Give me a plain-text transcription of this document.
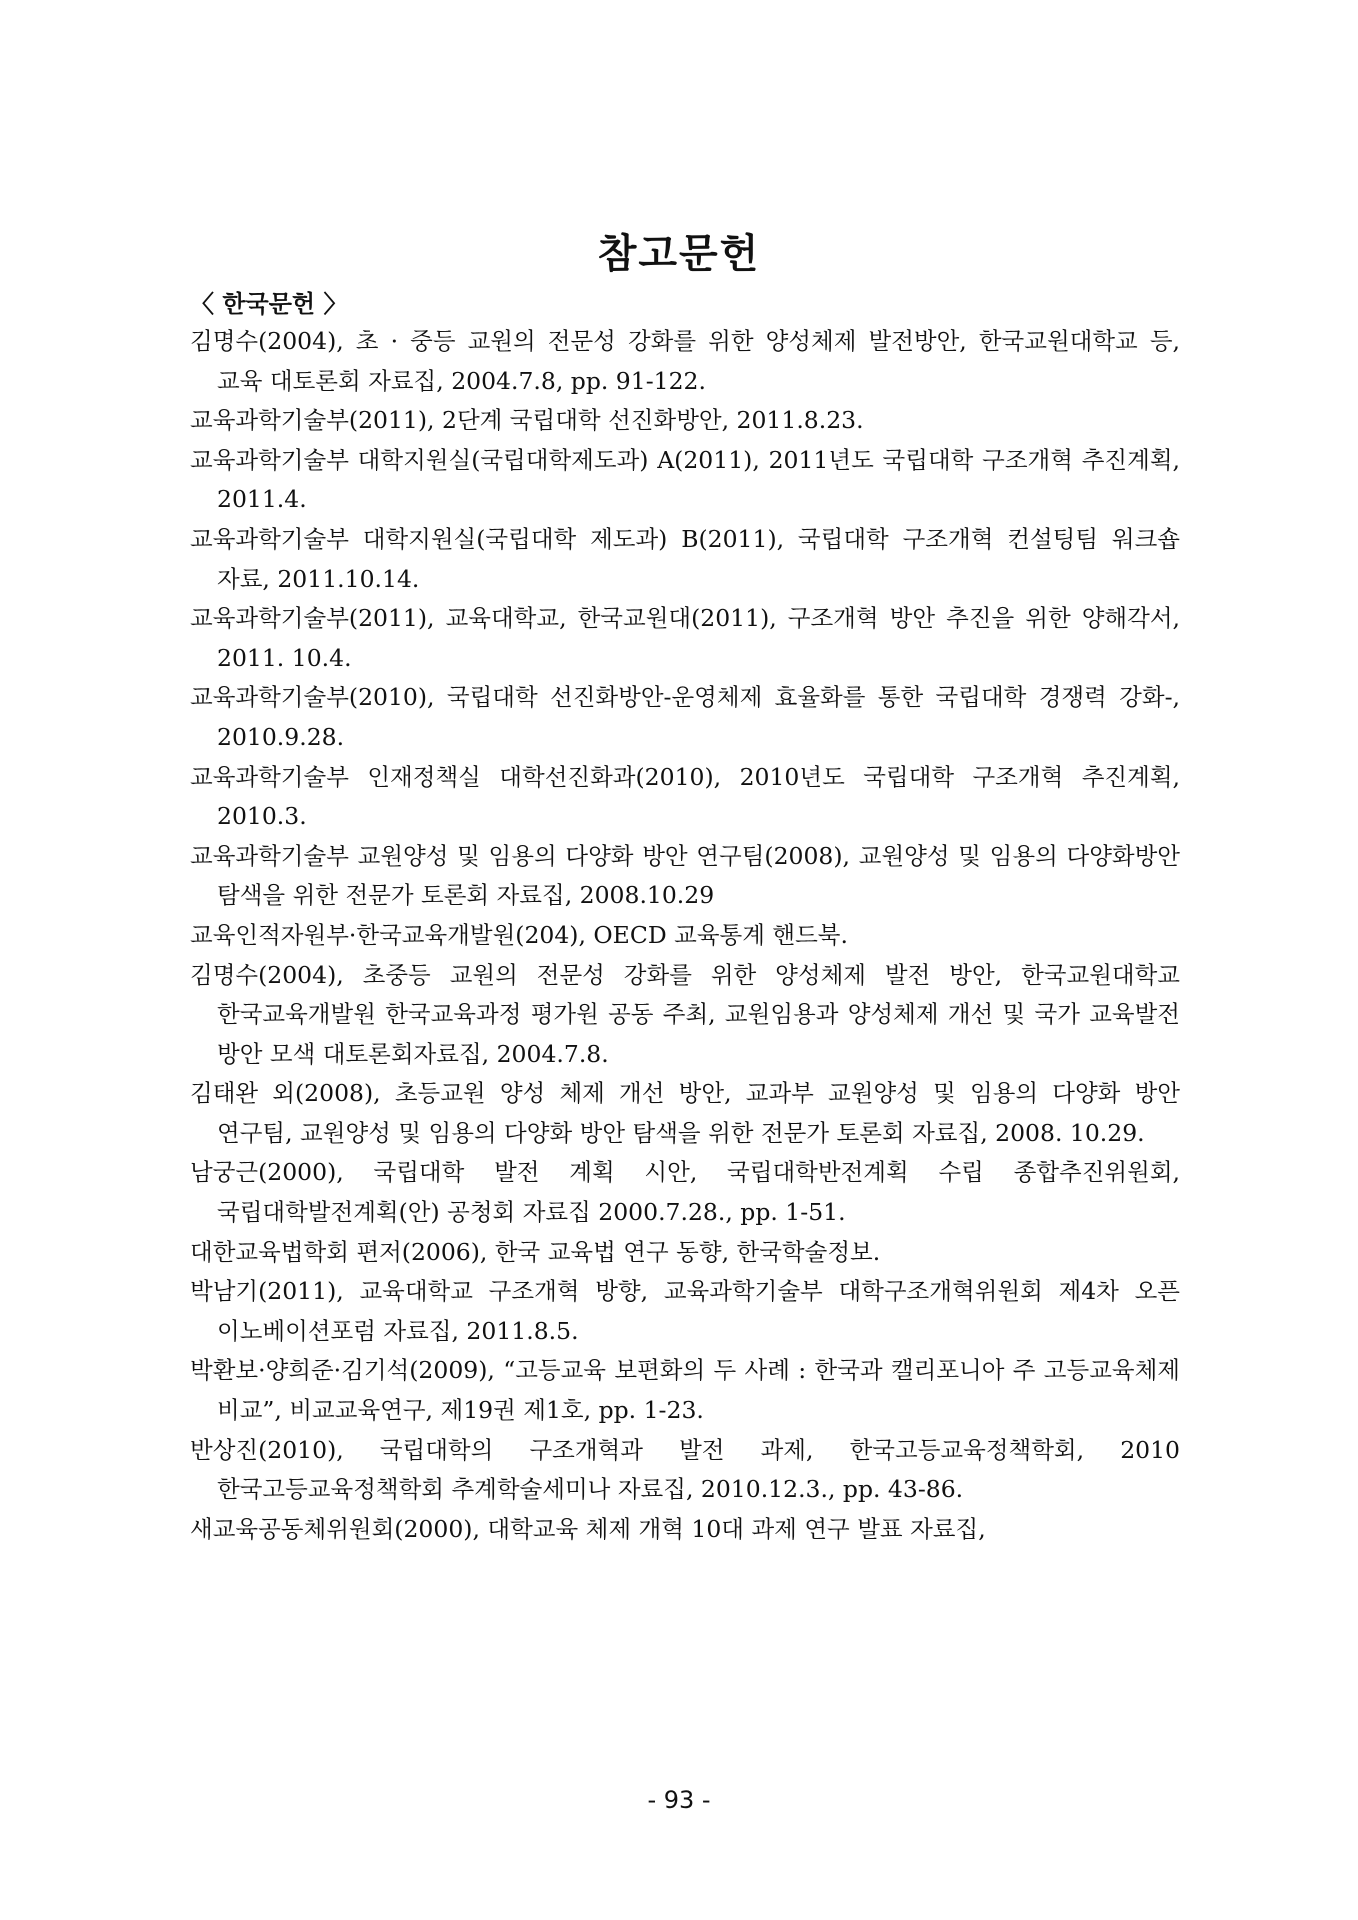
참고문헌
〈 한국문헌 〉
김명수(2004), 초 · 중등 교원의 전문성 강화를 위한 양성체제 발전방안, 한국교원대학교 등, 교육 대토론회 자료집, 2004.7.8, pp. 91-122.
교육과학기술부(2011), 2단계 국립대학 선진화방안, 2011.8.23.
교육과학기술부 대학지원실(국립대학제도과) A(2011), 2011년도 국립대학 구조개혁 추진계획, 2011.4.
교육과학기술부 대학지원실(국립대학 제도과) B(2011), 국립대학 구조개혁 컨설팅팀 워크숍 자료, 2011.10.14.
교육과학기술부(2011), 교육대학교, 한국교원대(2011), 구조개혁 방안 추진을 위한 양해각서, 2011. 10.4.
교육과학기술부(2010), 국립대학 선진화방안-운영체제 효율화를 통한 국립대학 경쟁력 강화-, 2010.9.28.
교육과학기술부 인재정책실 대학선진화과(2010), 2010년도 국립대학 구조개혁 추진계획, 2010.3.
교육과학기술부 교원양성 및 임용의 다양화 방안 연구팀(2008), 교원양성 및 임용의 다양화방안 탐색을 위한 전문가 토론회 자료집, 2008.10.29
교육인적자원부·한국교육개발원(204), OECD 교육통계 핸드북.
김명수(2004), 초중등 교원의 전문성 강화를 위한 양성체제 발전 방안, 한국교원대학교 한국교육개발원 한국교육과정 평가원 공동 주최, 교원임용과 양성체제 개선 및 국가 교육발전 방안 모색 대토론회자료집, 2004.7.8.
김태완 외(2008), 초등교원 양성 체제 개선 방안, 교과부 교원양성 및 임용의 다양화 방안 연구팀, 교원양성 및 임용의 다양화 방안 탐색을 위한 전문가 토론회 자료집, 2008. 10.29.
남궁근(2000), 국립대학 발전 계획 시안, 국립대학반전계획 수립 종합추진위원회, 국립대학발전계획(안) 공청회 자료집 2000.7.28., pp. 1-51.
대한교육법학회 편저(2006), 한국 교육법 연구 동향, 한국학술정보.
박남기(2011), 교육대학교 구조개혁 방향, 교육과학기술부 대학구조개혁위원회 제4차 오픈 이노베이션포럼 자료집, 2011.8.5.
박환보·양희준·김기석(2009), “고등교육 보편화의 두 사례 : 한국과 캘리포니아 주 고등교육체제 비교”, 비교교육연구, 제19권 제1호, pp. 1-23.
반상진(2010), 국립대학의 구조개혁과 발전 과제, 한국고등교육정책학회, 2010 한국고등교육정책학회 추계학술세미나 자료집, 2010.12.3., pp. 43-86.
새교육공동체위원회(2000), 대학교육 체제 개혁 10대 과제 연구 발표 자료집,
- 93 -
